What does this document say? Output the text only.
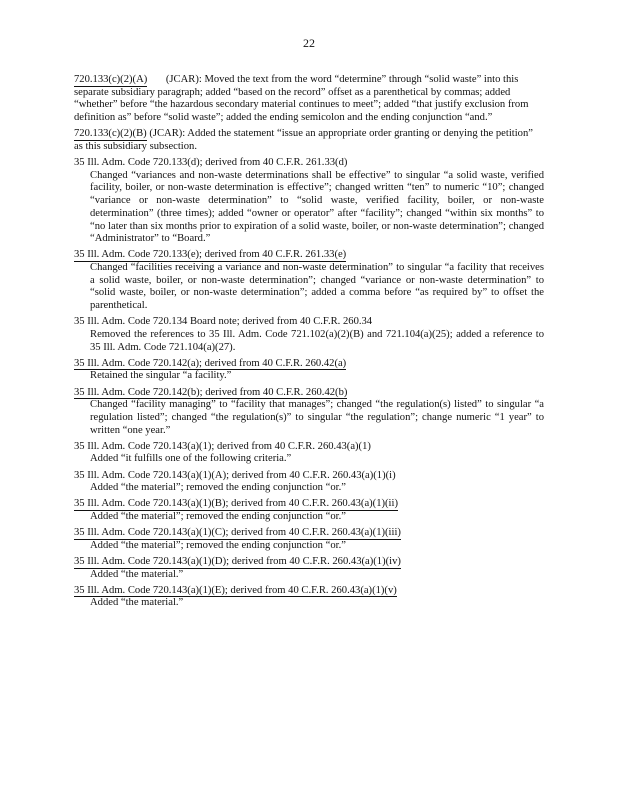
22
720.133(c)(2)(A) (JCAR): Moved the text from the word “determine” through “solid waste” into this separate subsidiary paragraph; added “based on the record” offset as a parenthetical by commas; added “whether” before “the hazardous secondary material continues to meet”; added “that justify exclusion from definition as” before “solid waste”; added the ending semicolon and the ending conjunction “and.”
720.133(c)(2)(B) (JCAR): Added the statement “issue an appropriate order granting or denying the petition” as this subsidiary subsection.
35 Ill. Adm. Code 720.133(d); derived from 40 C.F.R. 261.33(d)
Changed “variances and non-waste determinations shall be effective” to singular “a solid waste, verified facility, boiler, or non-waste determination is effective”; changed written “ten” to numeric “10”; changed “variance or non-waste determination” to “solid waste, verified facility, boiler, or non-waste determination” (three times); added “owner or operator” after “facility”; changed “within six months” to “no later than six months prior to expiration of a solid waste, boiler, or non-waste determination”; changed “Administrator” to “Board.”
35 Ill. Adm. Code 720.133(e); derived from 40 C.F.R. 261.33(e)
Changed “facilities receiving a variance and non-waste determination” to singular “a facility that receives a solid waste, boiler, or non-waste determination”; changed “variance or non-waste determination” to “solid waste, boiler, or non-waste determination”; added a comma before “as required by” to offset the parenthetical.
35 Ill. Adm. Code 720.134 Board note; derived from 40 C.F.R. 260.34
Removed the references to 35 Ill. Adm. Code 721.102(a)(2)(B) and 721.104(a)(25); added a reference to 35 Ill. Adm. Code 721.104(a)(27).
35 Ill. Adm. Code 720.142(a); derived from 40 C.F.R. 260.42(a)
Retained the singular “a facility.”
35 Ill. Adm. Code 720.142(b); derived from 40 C.F.R. 260.42(b)
Changed “facility managing” to “facility that manages”; changed “the regulation(s) listed” to singular “a regulation listed”; changed “the regulation(s)” to singular “the regulation”; change numeric “1 year” to written “one year.”
35 Ill. Adm. Code 720.143(a)(1); derived from 40 C.F.R. 260.43(a)(1)
Added “it fulfills one of the following criteria.”
35 Ill. Adm. Code 720.143(a)(1)(A); derived from 40 C.F.R. 260.43(a)(1)(i)
Added “the material”; removed the ending conjunction “or.”
35 Ill. Adm. Code 720.143(a)(1)(B); derived from 40 C.F.R. 260.43(a)(1)(ii)
Added “the material”; removed the ending conjunction “or.”
35 Ill. Adm. Code 720.143(a)(1)(C); derived from 40 C.F.R. 260.43(a)(1)(iii)
Added “the material”; removed the ending conjunction “or.”
35 Ill. Adm. Code 720.143(a)(1)(D); derived from 40 C.F.R. 260.43(a)(1)(iv)
Added “the material.”
35 Ill. Adm. Code 720.143(a)(1)(E); derived from 40 C.F.R. 260.43(a)(1)(v)
Added “the material.”
